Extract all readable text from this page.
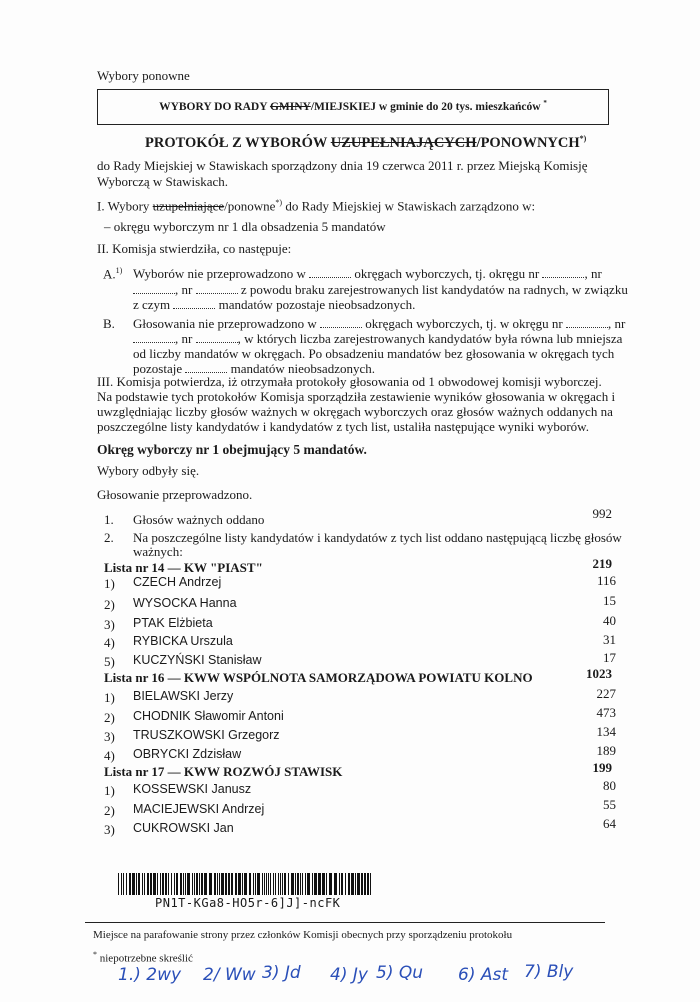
Wybory ponowne
WYBORY DO RADY GMINY/MIEJSKIEJ w gminie do 20 tys. mieszkańców *
PROTOKÓŁ Z WYBORÓW UZUPEŁNIAJĄCYCH/PONOWNYCH*)
do Rady Miejskiej w Stawiskach sporządzony dnia 19 czerwca 2011 r. przez Miejską Komisję Wyborczą w Stawiskach.
I. Wybory uzupełniające/ponowne*) do Rady Miejskiej w Stawiskach zarządzono w:
– okręgu wyborczym nr 1 dla obsadzenia 5 mandatów
II. Komisja stwierdziła, co następuje:
A.$^{1)}$ Wyborów nie przeprowadzono w	okręgach wyborczych, tj. okręgu nr	, nr
, nr	z powodu braku zarejestrowanych list kandydatów na radnych, w związku
z czym	mandatów pozostaje nieobsadzonych.
B. Głosowania nie przeprowadzono w	okręgach wyborczych, tj. w okręgu nr	, nr
, nr	, w których liczba zarejestrowanych kandydatów była równa lub mniejsza
od liczby mandatów w okręgach. Po obsadzeniu mandatów bez głosowania w okręgach tych
pozostaje	mandatów nieobsadzonych.
III. Komisja potwierdza, iż otrzymała protokoły głosowania od 1 obwodowej komisji wyborczej.
Na podstawie tych protokołów Komisja sporządziła zestawienie wyników głosowania w okręgach i
uwzględniając liczby głosów ważnych w okręgach wyborczych oraz głosów ważnych oddanych na
poszczególne listy kandydatów i kandydatów z tych list, ustaliła następujące wyniki wyborów.
Okręg wyborczy nr 1 obejmujący 5 mandatów.
Wybory odbyły się.
Głosowanie przeprowadzono.
1. Głosów ważnych oddano	992
2. Na poszczególne listy kandydatów i kandydatów z tych list oddano następującą liczbę głosów
ważnych:
Lista nr 14 — KW "PIAST"	219
1) CZECH Andrzej	116
2) WYSOCKA Hanna	15
3) PTAK Elżbieta	40
4) RYBICKA Urszula	31
5) KUCZYŃSKI Stanisław	17
Lista nr 16 — KWW WSPÓLNOTA SAMORZĄDOWA POWIATU KOLNO	1023
1) BIELAWSKI Jerzy	227
2) CHODNIK Sławomir Antoni	473
3) TRUSZKOWSKI Grzegorz	134
4) OBRYCKI Zdzisław	189
Lista nr 17 — KWW ROZWÓJ STAWISK	199
1) KOSSEWSKI Janusz	80
2) MACIEJEWSKI Andrzej	55
3) CUKROWSKI Jan	64
PN1T-KGa8-HO5r-6]J]-ncFK
Miejsce na parafowanie strony przez członków Komisji obecnych przy sporządzeniu protokołu
* niepotrzebne skreślić
1.) 2wy 2/ Ww 3) Jd 4) Jy 5) Qu 6) Ast 7) Bly
